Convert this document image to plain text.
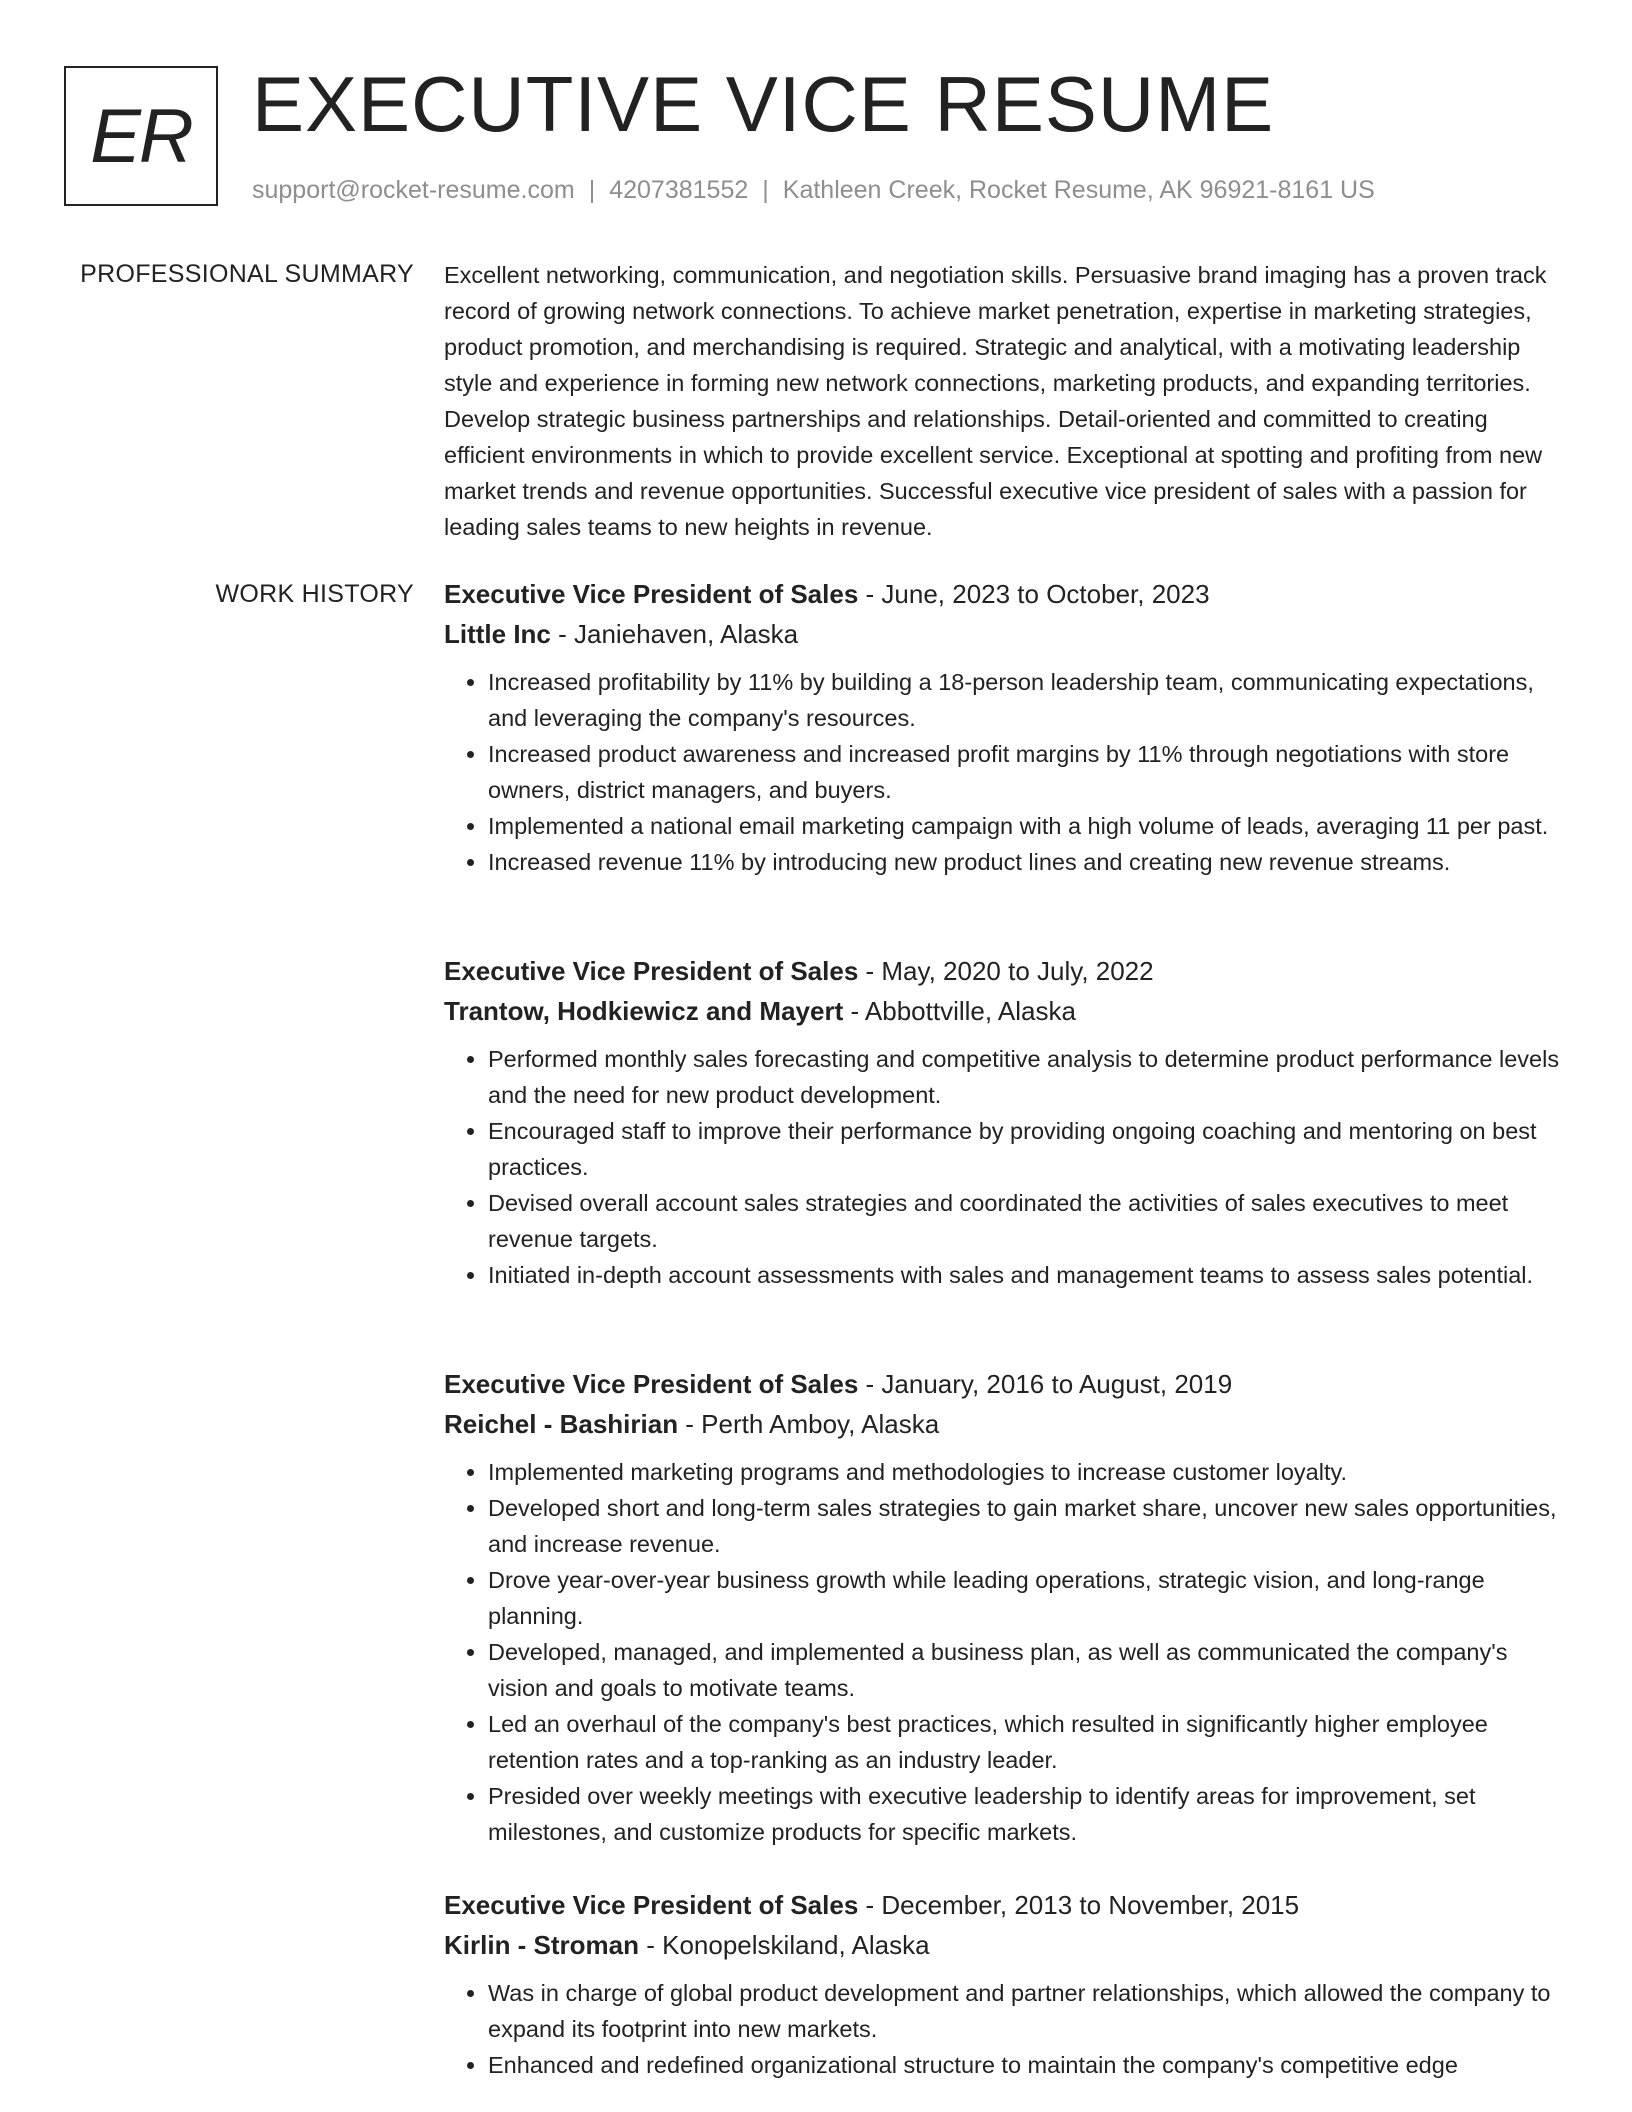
ER EXECUTIVE VICE RESUME
support@rocket-resume.com | 4207381552 | Kathleen Creek, Rocket Resume, AK 96921-8161 US
PROFESSIONAL SUMMARY Excellent networking, communication, and negotiation skills. Persuasive brand imaging has a proven track record of growing network connections. To achieve market penetration, expertise in marketing strategies, product promotion, and merchandising is required. Strategic and analytical, with a motivating leadership style and experience in forming new network connections, marketing products, and expanding territories. Develop strategic business partnerships and relationships. Detail-oriented and committed to creating efficient environments in which to provide excellent service. Exceptional at spotting and profiting from new market trends and revenue opportunities. Successful executive vice president of sales with a passion for leading sales teams to new heights in revenue.

WORK HISTORY Executive Vice President of Sales - June, 2023 to October, 2023
Little Inc - Janiehaven, Alaska
• Increased profitability by 11% by building a 18-person leadership team, communicating expectations, and leveraging the company's resources.
• Increased product awareness and increased profit margins by 11% through negotiations with store owners, district managers, and buyers.
• Implemented a national email marketing campaign with a high volume of leads, averaging 11 per past.
• Increased revenue 11% by introducing new product lines and creating new revenue streams.
Executive Vice President of Sales - May, 2020 to July, 2022
Trantow, Hodkiewicz and Mayert - Abbottville, Alaska
• Performed monthly sales forecasting and competitive analysis to determine product performance levels and the need for new product development.
• Encouraged staff to improve their performance by providing ongoing coaching and mentoring on best practices.
• Devised overall account sales strategies and coordinated the activities of sales executives to meet revenue targets.
• Initiated in-depth account assessments with sales and management teams to assess sales potential.
Executive Vice President of Sales - January, 2016 to August, 2019
Reichel - Bashirian - Perth Amboy, Alaska
• Implemented marketing programs and methodologies to increase customer loyalty.
• Developed short and long-term sales strategies to gain market share, uncover new sales opportunities, and increase revenue.
• Drove year-over-year business growth while leading operations, strategic vision, and long-range planning.
• Developed, managed, and implemented a business plan, as well as communicated the company's vision and goals to motivate teams.
• Led an overhaul of the company's best practices, which resulted in significantly higher employee retention rates and a top-ranking as an industry leader.
• Presided over weekly meetings with executive leadership to identify areas for improvement, set milestones, and customize products for specific markets.
Executive Vice President of Sales - December, 2013 to November, 2015
Kirlin - Stroman - Konopelskiland, Alaska
• Was in charge of global product development and partner relationships, which allowed the company to expand its footprint into new markets.
• Enhanced and redefined organizational structure to maintain the company's competitive edge
